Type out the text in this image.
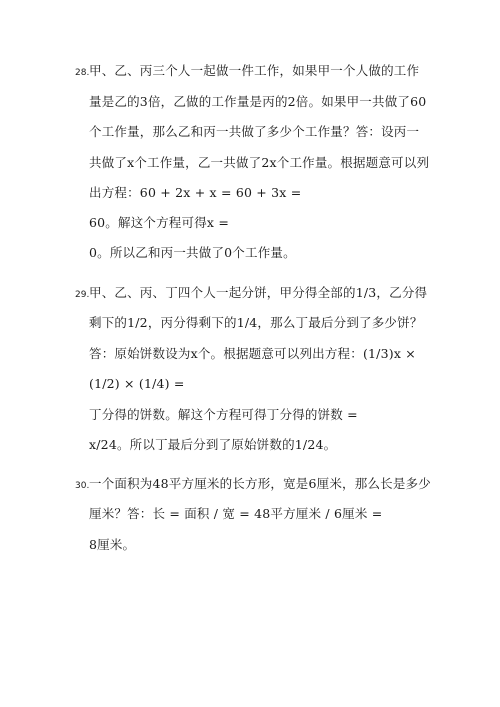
28. 甲、乙、丙三个人一起做一件工作，如果甲一个人做的工作
量是乙的3倍，乙做的工作量是丙的2倍。如果甲一共做了60
个工作量，那么乙和丙一共做了多少个工作量？答：设丙一
共做了x个工作量，乙一共做了2x个工作量。根据题意可以列
出方程：60 + 2x + x = 60 + 3x =
60。解这个方程可得x =
0。所以乙和丙一共做了0个工作量。
29. 甲、乙、丙、丁四个人一起分饼，甲分得全部的1/3，乙分得
剩下的1/2，丙分得剩下的1/4，那么丁最后分到了多少饼？
答：原始饼数设为x个。根据题意可以列出方程：(1/3)x ×
(1/2) × (1/4) =
丁分得的饼数。解这个方程可得丁分得的饼数 =
x/24。所以丁最后分到了原始饼数的1/24。
30. 一个面积为48平方厘米的长方形，宽是6厘米，那么长是多少
厘米？答：长 = 面积 / 宽 = 48平方厘米 / 6厘米 =
8厘米。
